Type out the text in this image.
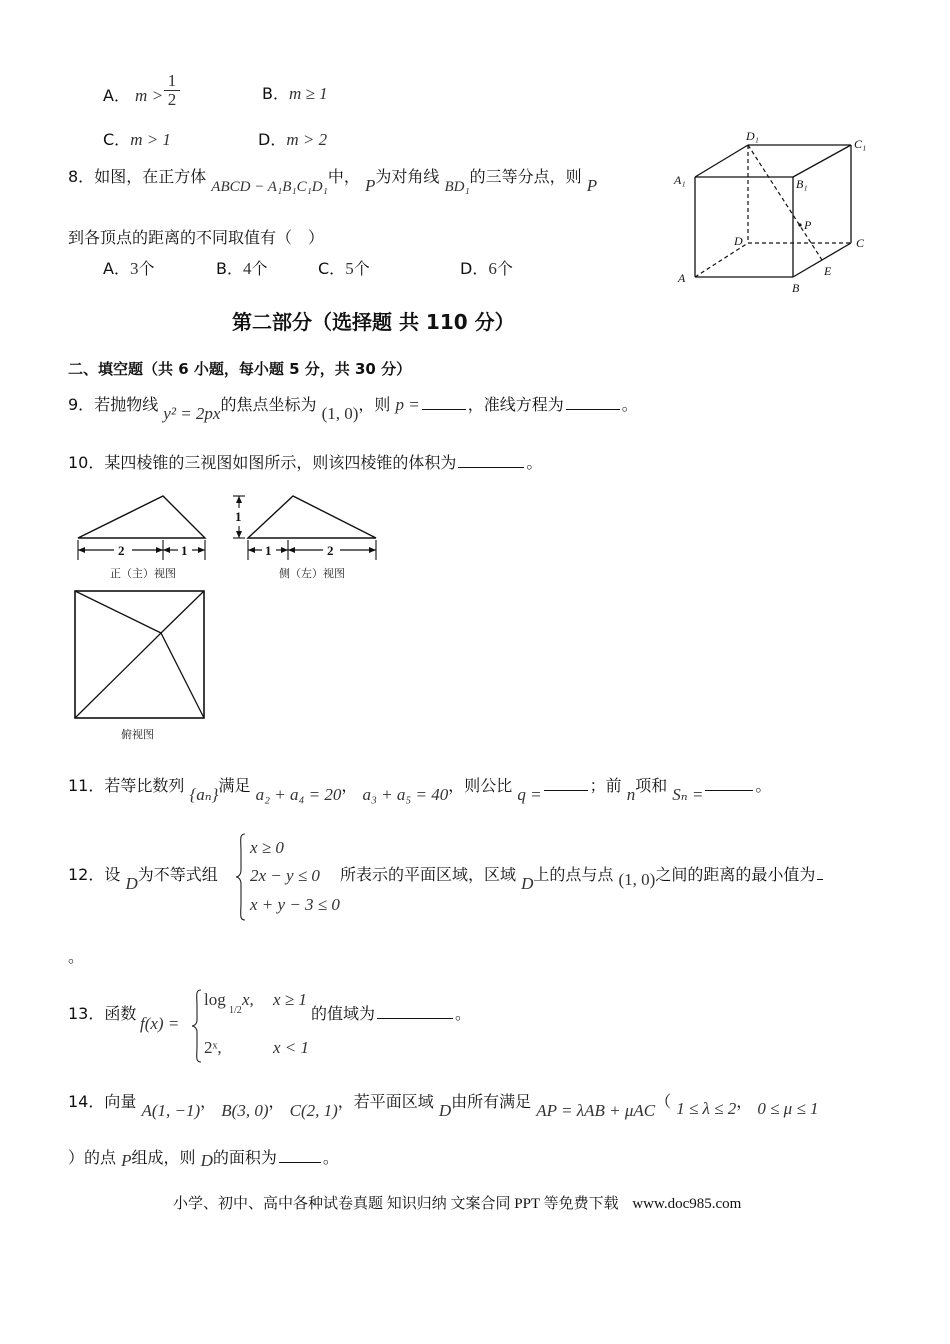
A． m >
1
2	B．m ≥ 1
C．m > 1	D．m > 2
8．如图，在正方体 ABCD − A₁B₁C₁D₁中， P为对角线 BD₁的三等分点，则 P
到各顶点的距离的不同取值有（　）
A．3个	B．4个	C．5个	D．6个
D₁
C₁
A₁	B₁
P
D	C
A	E
B
第二部分（选择题 共 110 分）
二、填空题（共 6 小题，每小题 5 分，共 30 分）
9．若抛物线 y² = 2px的焦点坐标为 (1, 0)，则 p =	，准线方程为	。
10．某四棱锥的三视图如图所示，则该四棱锥的体积为	。
2	1
正（主）视图
1
1	2
侧（左）视图
俯视图
11．若等比数列 {aₙ}满足 a₂ + a₄ = 20， a₃ + a₅ = 40，则公比 q =	；前 n项和 Sₙ =	。
12．设 D为不等式组
x ≥ 0
2x − y ≤ 0
x + y − 3 ≤ 0
所表示的平面区域，区域 D上的点与点 (1, 0)之间的距离的最小值为
。
13．函数
f(x) =
log
1/2
x, x ≥ 1
2ˣ,	x < 1
的值域为	。
14．向量 A(1, −1)， B(3, 0)， C(2, 1)，若平面区域 D由所有满足 AP = λAB + μAC（ 1 ≤ λ ≤ 2， 0 ≤ μ ≤ 1
）的点 P组成，则 D的面积为	。
小学、初中、高中各种试卷真题 知识归纳 文案合同 PPT 等免费下载 www.doc985.com
